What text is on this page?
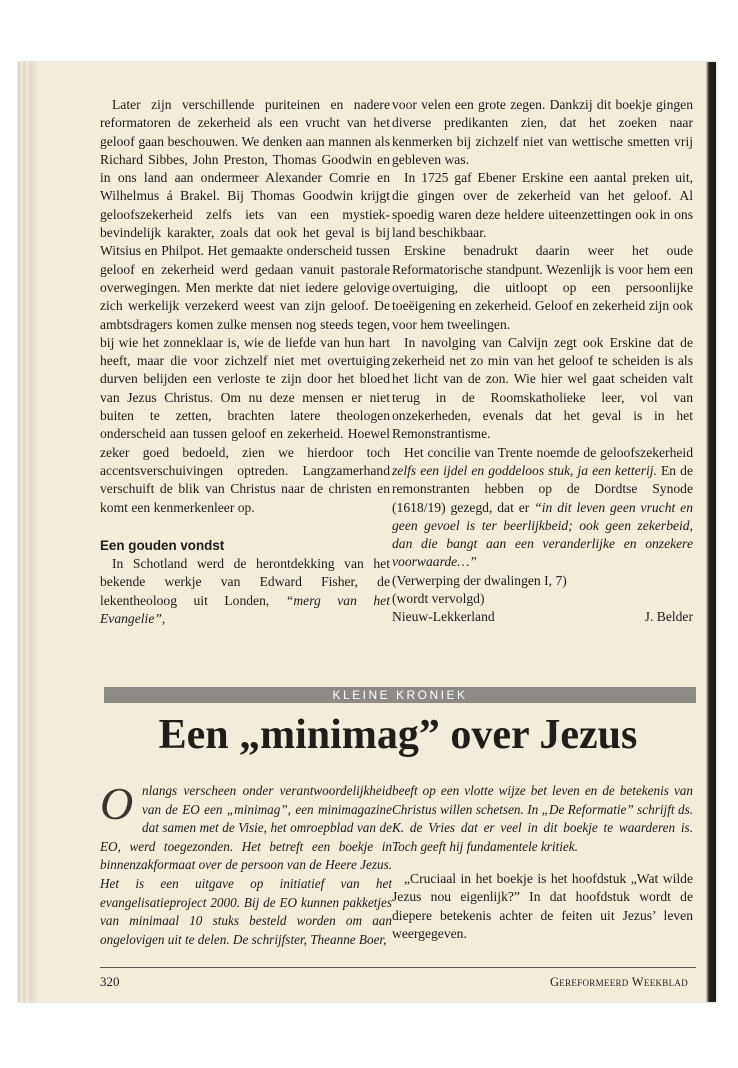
Later zijn verschillende puriteinen en nadere reformatoren de zekerheid als een vrucht van het geloof gaan beschouwen. We denken aan mannen als Richard Sibbes, John Preston, Thomas Goodwin en in ons land aan ondermeer Alexander Comrie en Wilhelmus á Brakel. Bij Thomas Goodwin krijgt geloofszekerheid zelfs iets van een mystiek-bevindelijk karakter, zoals dat ook het geval is bij Witsius en Philpot. Het gemaakte onderscheid tussen geloof en zekerheid werd gedaan vanuit pastorale overwegingen. Men merkte dat niet iedere gelovige zich werkelijk verzekerd weest van zijn geloof. De ambtsdragers komen zulke mensen nog steeds tegen, bij wie het zonneklaar is, wie de liefde van hun hart heeft, maar die voor zichzelf niet met overtuiging durven belijden een verloste te zijn door het bloed van Jezus Christus. Om nu deze mensen er niet buiten te zetten, brachten latere theologen onderscheid aan tussen geloof en zekerheid. Hoewel zeker goed bedoeld, zien we hierdoor toch accentsverschuivingen optreden. Langzamerhand verschuift de blik van Christus naar de christen en komt een kenmerkenleer op.

Een gouden vondst

In Schotland werd de herontdekking van het bekende werkje van Edward Fisher, de lekentheoloog uit Londen, “merg van het Evangelie”,

voor velen een grote zegen. Dankzij dit boekje gingen diverse predikanten zien, dat het zoeken naar kenmerken bij zichzelf niet van wettische smetten vrij gebleven was.

In 1725 gaf Ebener Erskine een aantal preken uit, die gingen over de zekerheid van het geloof. Al spoedig waren deze heldere uiteenzettingen ook in ons land beschikbaar.

Erskine benadrukt daarin weer het oude Reformatorische standpunt. Wezenlijk is voor hem een overtuiging, die uitloopt op een persoonlijke toeëigening en zekerheid. Geloof en zekerheid zijn ook voor hem tweelingen.

In navolging van Calvijn zegt ook Erskine dat de zekerheid net zo min van het geloof te scheiden is als het licht van de zon. Wie hier wel gaat scheiden valt terug in de Roomskatholieke leer, vol van onzekerheden, evenals dat het geval is in het Remonstrantisme.

Het concilie van Trente noemde de geloofszekerheid zelfs een ijdel en goddeloos stuk, ja een ketterij. En de remonstranten hebben op de Dordtse Synode (1618/19) gezegd, dat er “in dit leven geen vrucht en geen gevoel is ter beerlijkbeid; ook geen zekerbeid, dan die bangt aan een veranderlijke en onzekere voorwaarde…”

(Verwerping der dwalingen I, 7)

(wordt vervolgd)

Nieuw-Lekkerland	J. Belder
KLEINE KRONIEK
Een „minimag” over Jezus
Onlangs verscheen onder verantwoordelijkheid van de EO een „minimag”, een minimagazine dat samen met de Visie, het omroepblad van de EO, werd toegezonden. Het betreft een boekje in binnenzakformaat over de persoon van de Heere Jezus. Het is een uitgave op initiatief van het evangelisatieproject 2000. Bij de EO kunnen pakketjes van minimaal 10 stuks besteld worden om aan ongelovigen uit te delen. De schrijfster, Theanne Boer,
beeft op een vlotte wijze bet leven en de betekenis van Christus willen schetsen. In „De Reformatie” schrijft ds. K. de Vries dat er veel in dit boekje te waarderen is. Toch geeft hij fundamentele kritiek.

„Cruciaal in het boekje is het hoofdstuk „Wat wilde Jezus nou eigenlijk?” In dat hoofdstuk wordt de diepere betekenis achter de feiten uit Jezus’ leven weergegeven.

320	Gereformeerd Weekblad
